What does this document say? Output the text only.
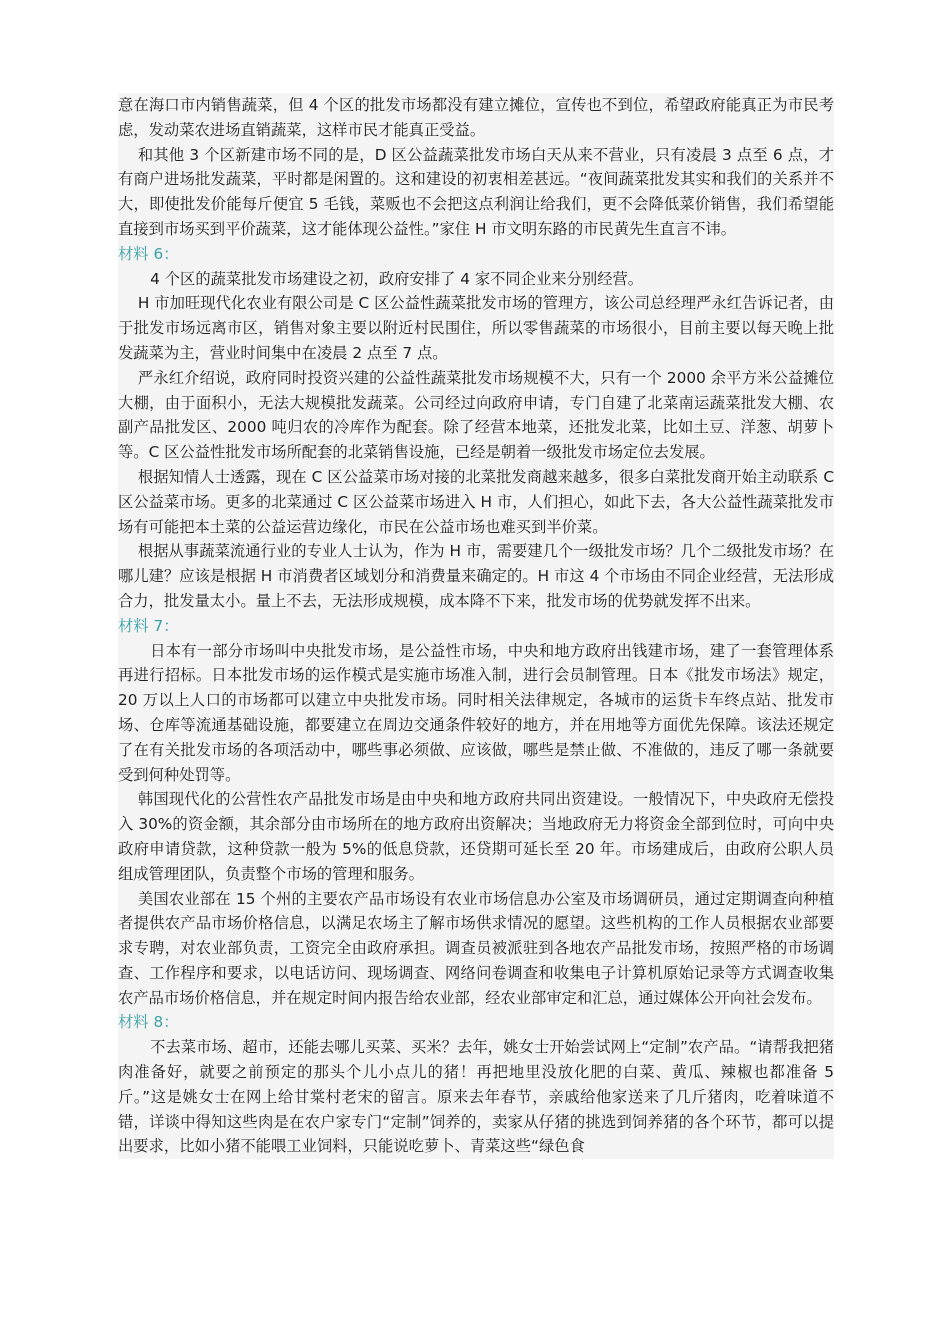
意在海口市内销售蔬菜，但 4 个区的批发市场都没有建立摊位，宣传也不到位，希望政府能真正为市民考虑，发动菜农进场直销蔬菜，这样市民才能真正受益。

和其他 3 个区新建市场不同的是，D 区公益蔬菜批发市场白天从来不营业，只有凌晨 3 点至 6 点，才有商户进场批发蔬菜，平时都是闲置的。这和建设的初衷相差甚远。“夜间蔬菜批发其实和我们的关系并不大，即使批发价能每斤便宜 5 毛钱，菜贩也不会把这点利润让给我们，更不会降低菜价销售，我们希望能直接到市场买到平价蔬菜，这才能体现公益性。”家住 H 市文明东路的市民黄先生直言不讳。

材料 6：

4 个区的蔬菜批发市场建设之初，政府安排了 4 家不同企业来分别经营。

H 市加旺现代化农业有限公司是 C 区公益性蔬菜批发市场的管理方，该公司总经理严永红告诉记者，由于批发市场远离市区，销售对象主要以附近村民围住，所以零售蔬菜的市场很小，目前主要以每天晚上批发蔬菜为主，营业时间集中在凌晨 2 点至 7 点。

严永红介绍说，政府同时投资兴建的公益性蔬菜批发市场规模不大，只有一个 2000 余平方米公益摊位大棚，由于面积小，无法大规模批发蔬菜。公司经过向政府申请，专门自建了北菜南运蔬菜批发大棚、农副产品批发区、2000 吨归农的冷库作为配套。除了经营本地菜，还批发北菜，比如土豆、洋葱、胡萝卜等。C 区公益性批发市场所配套的北菜销售设施，已经是朝着一级批发市场定位去发展。

根据知情人士透露，现在 C 区公益菜市场对接的北菜批发商越来越多，很多白菜批发商开始主动联系 C 区公益菜市场。更多的北菜通过 C 区公益菜市场进入 H 市，人们担心，如此下去，各大公益性蔬菜批发市场有可能把本土菜的公益运营边缘化，市民在公益市场也难买到半价菜。

根据从事蔬菜流通行业的专业人士认为，作为 H 市，需要建几个一级批发市场？几个二级批发市场？在哪儿建？应该是根据 H 市消费者区域划分和消费量来确定的。H 市这 4 个市场由不同企业经营，无法形成合力，批发量太小。量上不去，无法形成规模，成本降不下来，批发市场的优势就发挥不出来。

材料 7：

日本有一部分市场叫中央批发市场，是公益性市场，中央和地方政府出钱建市场，建了一套管理体系再进行招标。日本批发市场的运作模式是实施市场准入制，进行会员制管理。日本《批发市场法》规定，20 万以上人口的市场都可以建立中央批发市场。同时相关法律规定，各城市的运货卡车终点站、批发市场、仓库等流通基础设施，都要建立在周边交通条件较好的地方，并在用地等方面优先保障。该法还规定了在有关批发市场的各项活动中，哪些事必须做、应该做，哪些是禁止做、不准做的，违反了哪一条就要受到何种处罚等。

韩国现代化的公营性农产品批发市场是由中央和地方政府共同出资建设。一般情况下，中央政府无偿投入 30%的资金额，其余部分由市场所在的地方政府出资解决；当地政府无力将资金全部到位时，可向中央政府申请贷款，这种贷款一般为 5%的低息贷款，还贷期可延长至 20 年。市场建成后，由政府公职人员组成管理团队，负责整个市场的管理和服务。

美国农业部在 15 个州的主要农产品市场设有农业市场信息办公室及市场调研员，通过定期调查向种植者提供农产品市场价格信息，以满足农场主了解市场供求情况的愿望。这些机构的工作人员根据农业部要求专聘，对农业部负责，工资完全由政府承担。调查员被派驻到各地农产品批发市场，按照严格的市场调查、工作程序和要求，以电话访问、现场调查、网络问卷调查和收集电子计算机原始记录等方式调查收集农产品市场价格信息，并在规定时间内报告给农业部，经农业部审定和汇总，通过媒体公开向社会发布。

材料 8：

不去菜市场、超市，还能去哪儿买菜、买米？去年，姚女士开始尝试网上“定制”农产品。“请帮我把猪肉准备好，就要之前预定的那头个儿小点儿的猪！再把地里没放化肥的白菜、黄瓜、辣椒也都准备 5 斤。”这是姚女士在网上给甘棠村老宋的留言。原来去年春节，亲戚给他家送来了几斤猪肉，吃着味道不错，详谈中得知这些肉是在农户家专门“定制”饲养的，卖家从仔猪的挑选到饲养猪的各个环节，都可以提出要求，比如小猪不能喂工业饲料，只能说吃萝卜、青菜这些“绿色食
